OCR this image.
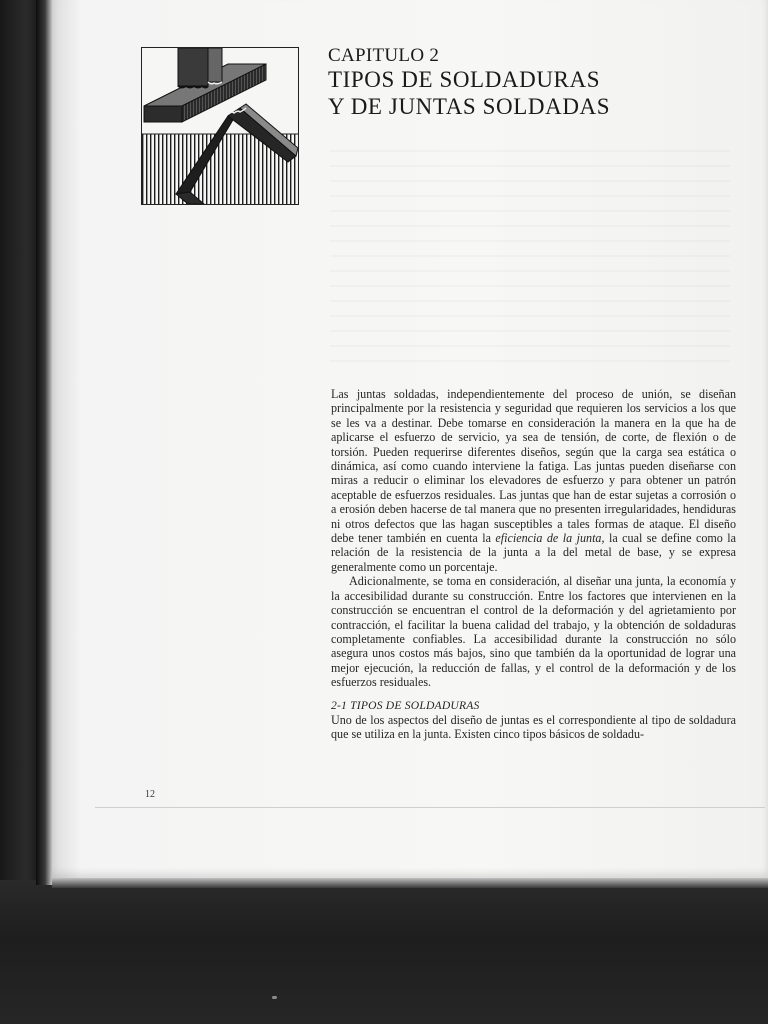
CAPITULO 2
TIPOS DE SOLDADURAS
Y DE JUNTAS SOLDADAS

Las juntas soldadas, independientemente del proceso de unión, se diseñan principalmente por la resistencia y seguridad que requieren los servicios a los que se les va a destinar. Debe tomarse en consideración la manera en la que ha de aplicarse el esfuerzo de servicio, ya sea de tensión, de corte, de flexión o de torsión. Pueden requerirse diferentes diseños, según que la carga sea estática o dinámica, así como cuando interviene la fatiga. Las juntas pueden diseñarse con miras a reducir o eliminar los elevadores de esfuerzo y para obtener un patrón aceptable de esfuerzos residuales. Las juntas que han de estar sujetas a corrosión o a erosión deben hacerse de tal manera que no presenten irregularidades, hendiduras ni otros defectos que las hagan susceptibles a tales formas de ataque. El diseño debe tener también en cuenta la eficiencia de la junta, la cual se define como la relación de la resistencia de la junta a la del metal de base, y se expresa generalmente como un porcentaje.

Adicionalmente, se toma en consideración, al diseñar una junta, la economía y la accesibilidad durante su construcción. Entre los factores que intervienen en la construcción se encuentran el control de la deformación y del agrietamiento por contracción, el facilitar la buena calidad del trabajo, y la obtención de soldaduras completamente confiables. La accesibilidad durante la construcción no sólo asegura unos costos más bajos, sino que también da la oportunidad de lograr una mejor ejecución, la reducción de fallas, y el control de la deformación y de los esfuerzos residuales.

2-1 TIPOS DE SOLDADURAS

Uno de los aspectos del diseño de juntas es el correspondiente al tipo de soldadura que se utiliza en la junta. Existen cinco tipos básicos de soldadu-

12
